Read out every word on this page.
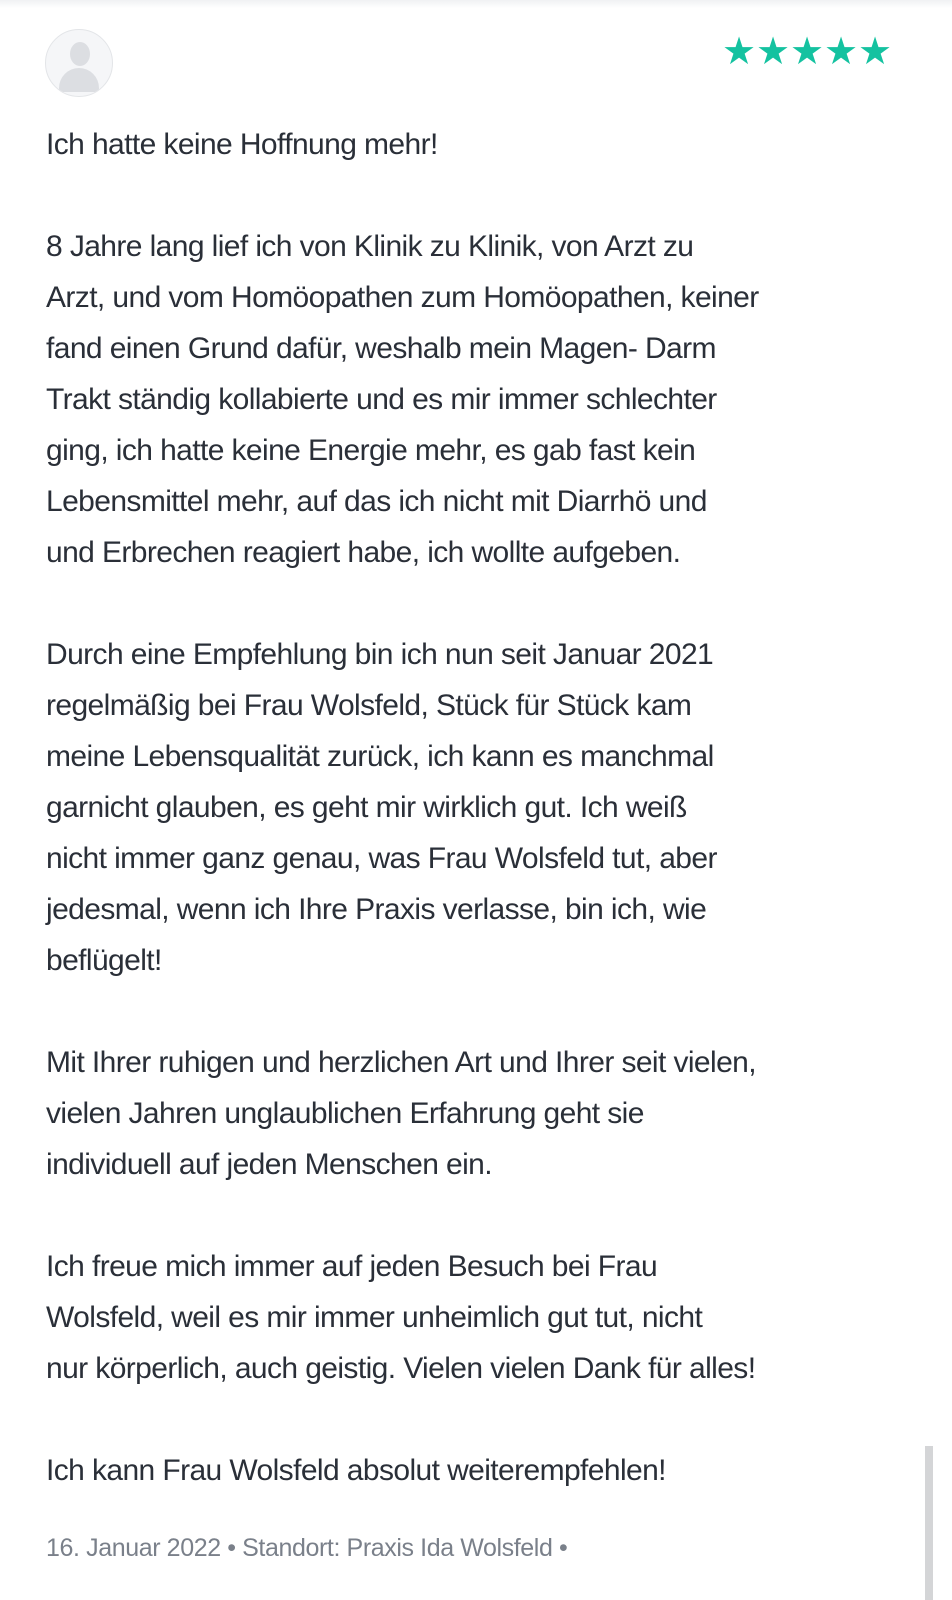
★ ★ ★ ★ ★
Ich hatte keine Hoffnung mehr!
8 Jahre lang lief ich von Klinik zu Klinik, von Arzt zu
Arzt, und vom Homöopathen zum Homöopathen, keiner
fand einen Grund dafür, weshalb mein Magen- Darm
Trakt ständig kollabierte und es mir immer schlechter
ging, ich hatte keine Energie mehr, es gab fast kein
Lebensmittel mehr, auf das ich nicht mit Diarrhö und
und Erbrechen reagiert habe, ich wollte aufgeben.
Durch eine Empfehlung bin ich nun seit Januar 2021
regelmäßig bei Frau Wolsfeld, Stück für Stück kam
meine Lebensqualität zurück, ich kann es manchmal
garnicht glauben, es geht mir wirklich gut. Ich weiß
nicht immer ganz genau, was Frau Wolsfeld tut, aber
jedesmal, wenn ich Ihre Praxis verlasse, bin ich, wie
beflügelt!
Mit Ihrer ruhigen und herzlichen Art und Ihrer seit vielen,
vielen Jahren unglaublichen Erfahrung geht sie
individuell auf jeden Menschen ein.
Ich freue mich immer auf jeden Besuch bei Frau
Wolsfeld, weil es mir immer unheimlich gut tut, nicht
nur körperlich, auch geistig. Vielen vielen Dank für alles!
Ich kann Frau Wolsfeld absolut weiterempfehlen!
16. Januar 2022 • Standort: Praxis Ida Wolsfeld •
